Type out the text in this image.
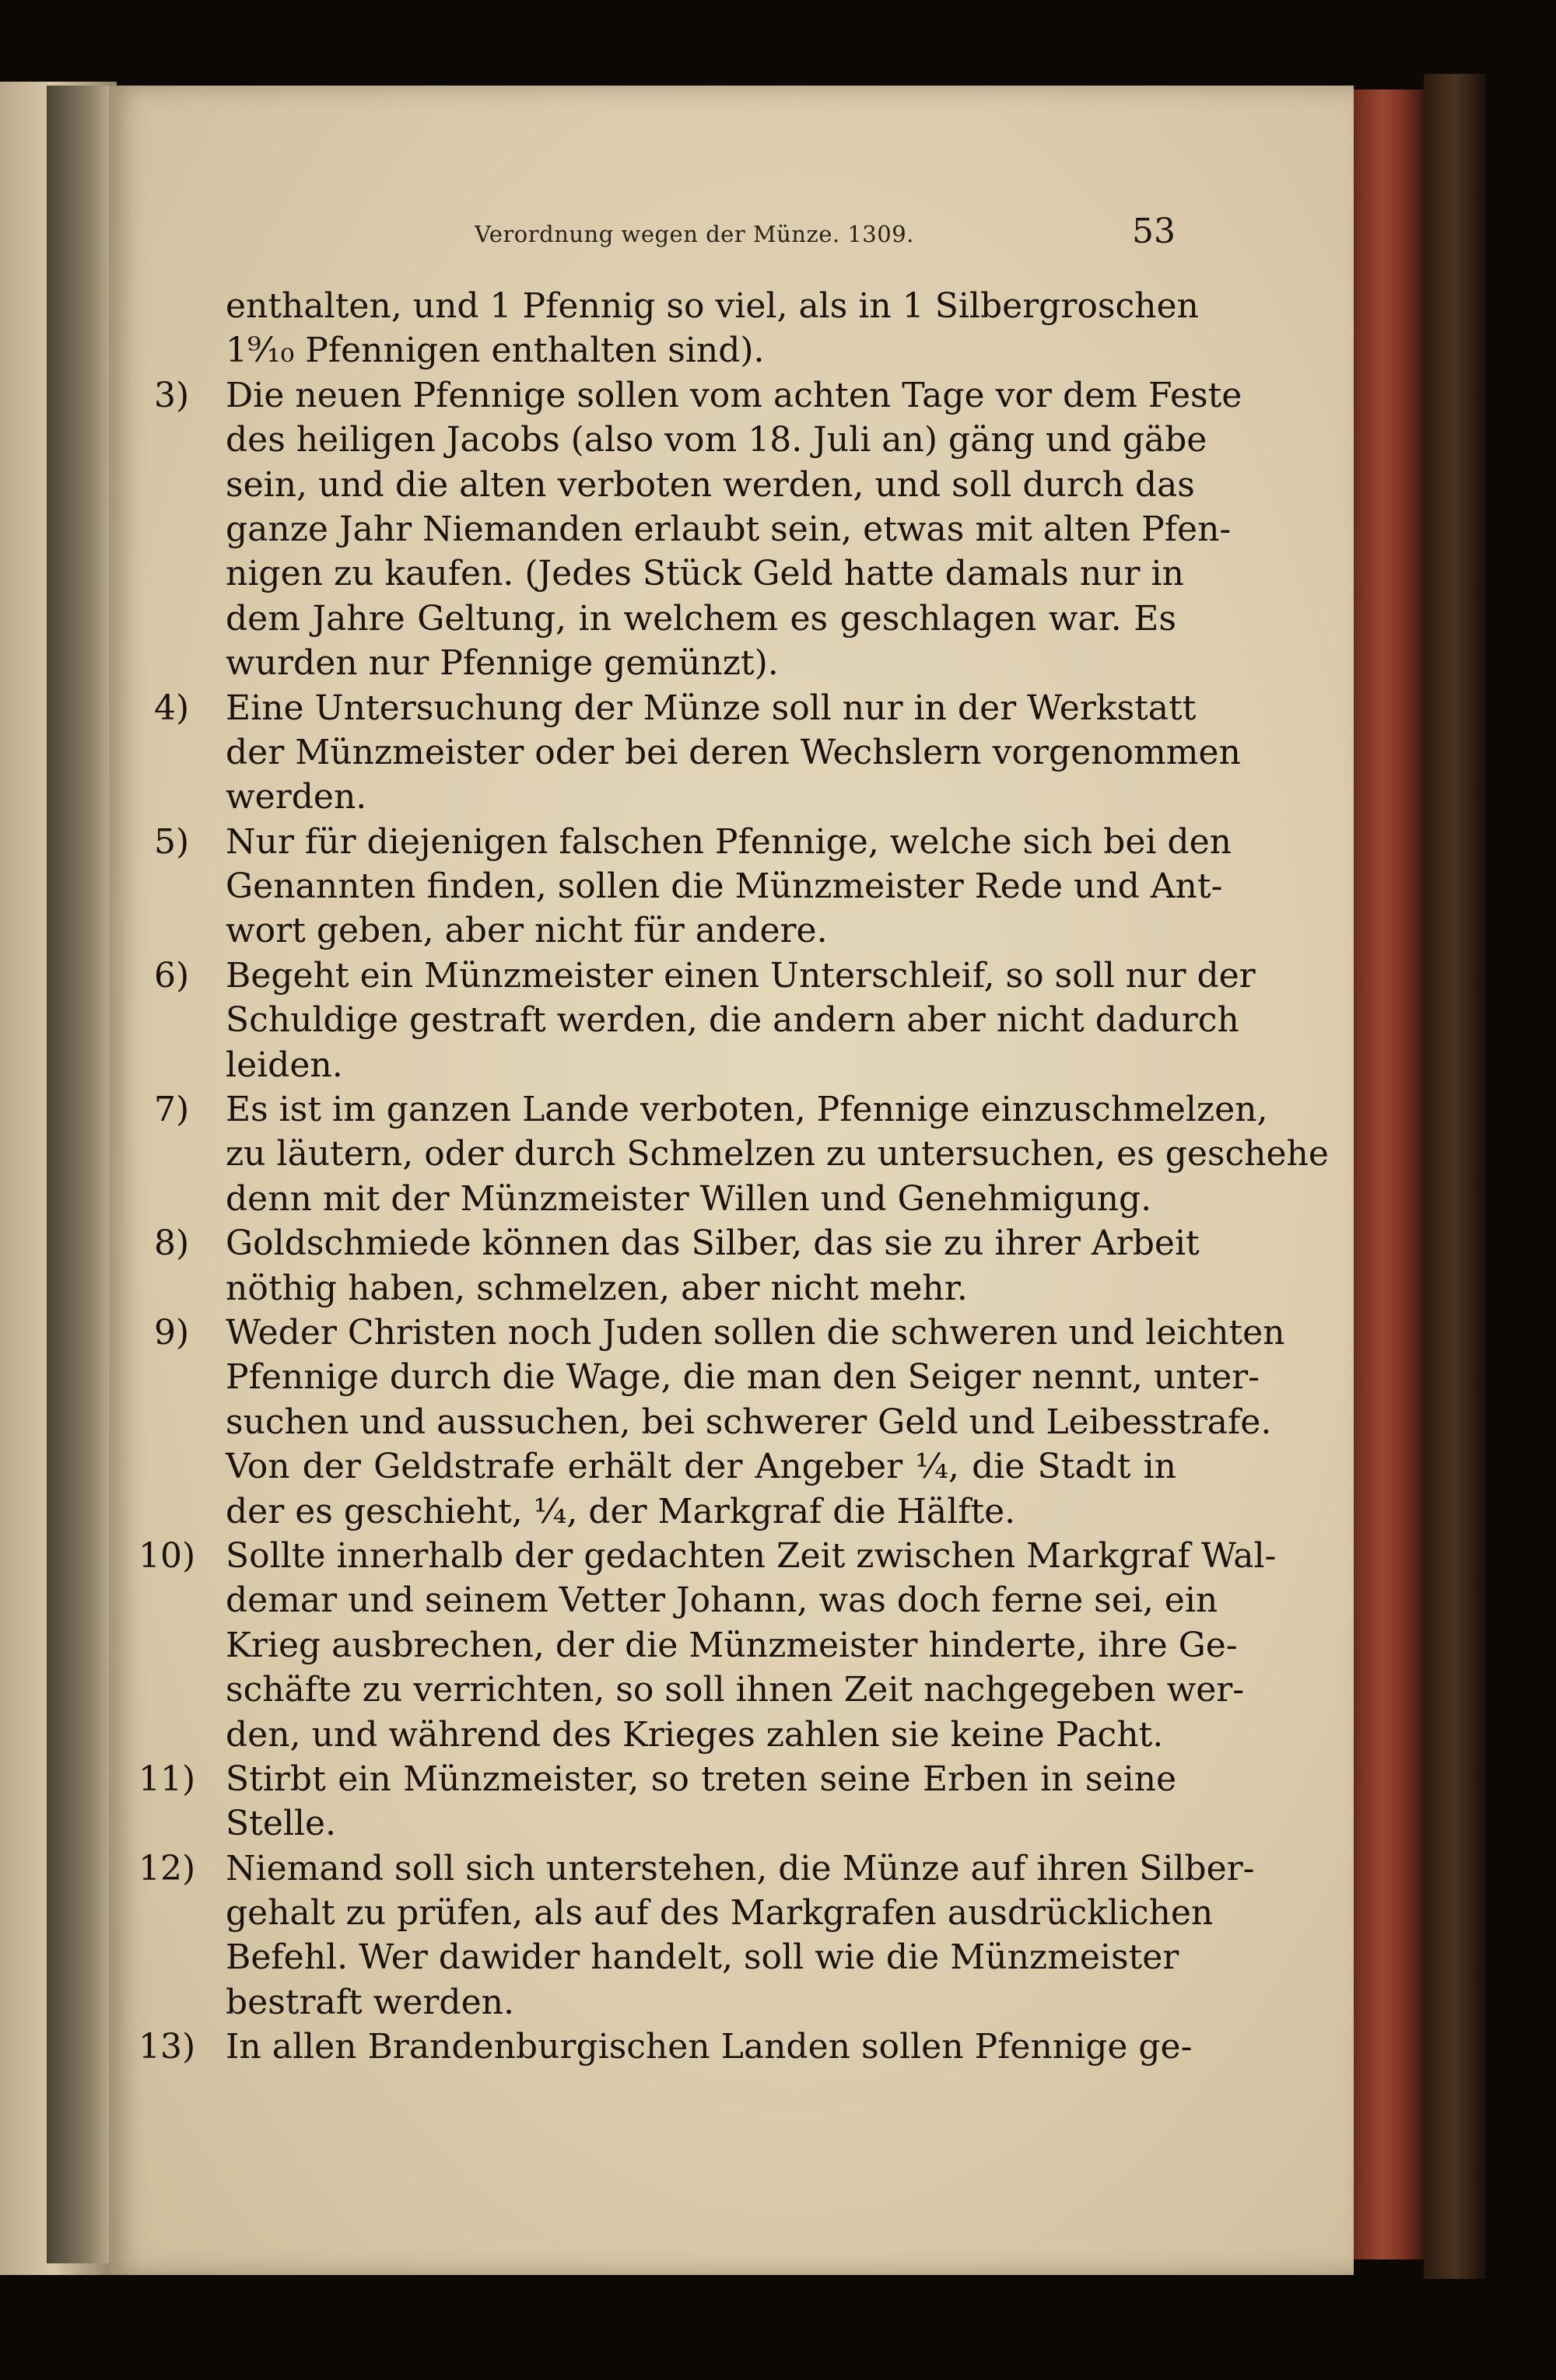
Verordnung wegen der Münze. 1309.	53
enthalten, und 1 Pfennig so viel, als in 1 Silbergroschen
1⁹⁄₁₀ Pfennigen enthalten sind).
3)	Die neuen Pfennige sollen vom achten Tage vor dem Feste
des heiligen Jacobs (also vom 18. Juli an) gäng und gäbe
sein, und die alten verboten werden, und soll durch das
ganze Jahr Niemanden erlaubt sein, etwas mit alten Pfen-
nigen zu kaufen. (Jedes Stück Geld hatte damals nur in
dem Jahre Geltung, in welchem es geschlagen war. Es
wurden nur Pfennige gemünzt).
4)	Eine Untersuchung der Münze soll nur in der Werkstatt
der Münzmeister oder bei deren Wechslern vorgenommen
werden.
5)	Nur für diejenigen falschen Pfennige, welche sich bei den
Genannten finden, sollen die Münzmeister Rede und Ant-
wort geben, aber nicht für andere.
6)	Begeht ein Münzmeister einen Unterschleif, so soll nur der
Schuldige gestraft werden, die andern aber nicht dadurch
leiden.
7)	Es ist im ganzen Lande verboten, Pfennige einzuschmelzen,
zu läutern, oder durch Schmelzen zu untersuchen, es geschehe
denn mit der Münzmeister Willen und Genehmigung.
8)	Goldschmiede können das Silber, das sie zu ihrer Arbeit
nöthig haben, schmelzen, aber nicht mehr.
9)	Weder Christen noch Juden sollen die schweren und leichten
Pfennige durch die Wage, die man den Seiger nennt, unter-
suchen und aussuchen, bei schwerer Geld und Leibesstrafe.
Von der Geldstrafe erhält der Angeber ¼, die Stadt in
der es geschieht, ¼, der Markgraf die Hälfte.
10) Sollte innerhalb der gedachten Zeit zwischen Markgraf Wal-
demar und seinem Vetter Johann, was doch ferne sei, ein
Krieg ausbrechen, der die Münzmeister hinderte, ihre Ge-
schäfte zu verrichten, so soll ihnen Zeit nachgegeben wer-
den, und während des Krieges zahlen sie keine Pacht.
11) Stirbt ein Münzmeister, so treten seine Erben in seine
Stelle.
12) Niemand soll sich unterstehen, die Münze auf ihren Silber-
gehalt zu prüfen, als auf des Markgrafen ausdrücklichen
Befehl. Wer dawider handelt, soll wie die Münzmeister
bestraft werden.
13) In allen Brandenburgischen Landen sollen Pfennige ge-
